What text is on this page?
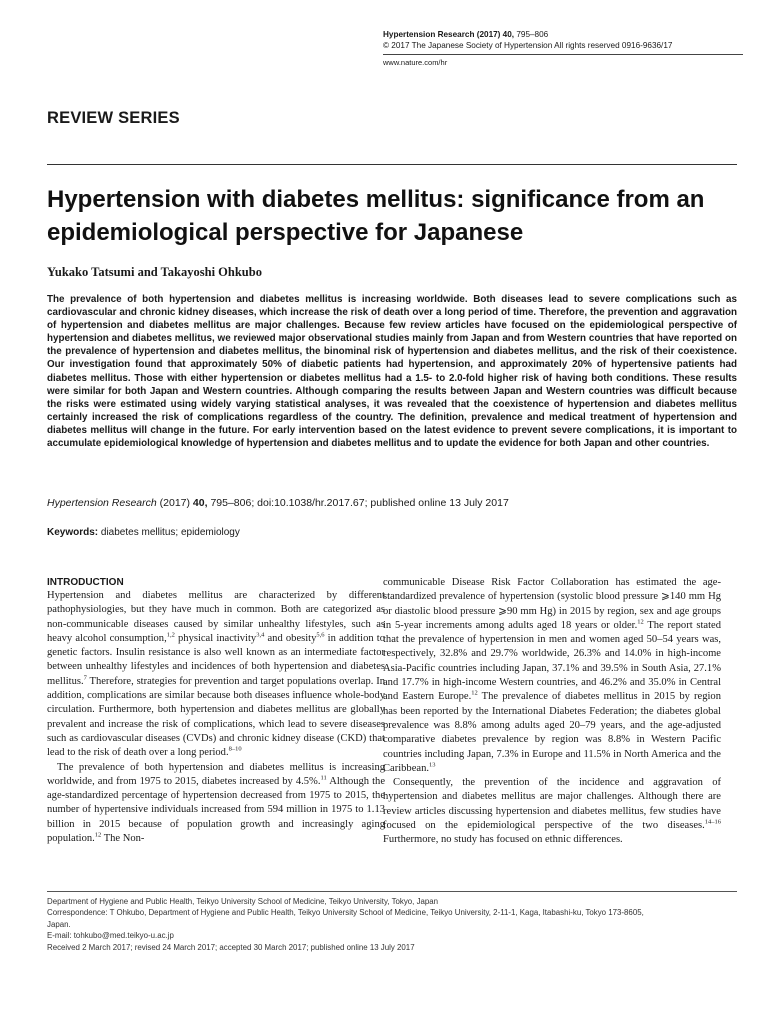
Hypertension Research (2017) 40, 795–806
© 2017 The Japanese Society of Hypertension All rights reserved 0916-9636/17
www.nature.com/hr
REVIEW SERIES
Hypertension with diabetes mellitus: significance from an epidemiological perspective for Japanese
Yukako Tatsumi and Takayoshi Ohkubo
The prevalence of both hypertension and diabetes mellitus is increasing worldwide. Both diseases lead to severe complications such as cardiovascular and chronic kidney diseases, which increase the risk of death over a long period of time. Therefore, the prevention and aggravation of hypertension and diabetes mellitus are major challenges. Because few review articles have focused on the epidemiological perspective of hypertension and diabetes mellitus, we reviewed major observational studies mainly from Japan and from Western countries that have reported on the prevalence of hypertension and diabetes mellitus, the binominal risk of hypertension and diabetes mellitus, and the risk of their coexistence. Our investigation found that approximately 50% of diabetic patients had hypertension, and approximately 20% of hypertensive patients had diabetes mellitus. Those with either hypertension or diabetes mellitus had a 1.5- to 2.0-fold higher risk of having both conditions. These results were similar for both Japan and Western countries. Although comparing the results between Japan and Western countries was difficult because the risks were estimated using widely varying statistical analyses, it was revealed that the coexistence of hypertension and diabetes mellitus certainly increased the risk of complications regardless of the country. The definition, prevalence and medical treatment of hypertension and diabetes mellitus will change in the future. For early intervention based on the latest evidence to prevent severe complications, it is important to accumulate epidemiological knowledge of hypertension and diabetes mellitus and to update the evidence for both Japan and other countries.
Hypertension Research (2017) 40, 795–806; doi:10.1038/hr.2017.67; published online 13 July 2017
Keywords: diabetes mellitus; epidemiology
INTRODUCTION

Hypertension and diabetes mellitus are characterized by different pathophysiologies, but they have much in common. Both are categorized as non-communicable diseases caused by similar unhealthy lifestyles, such as heavy alcohol consumption,$^{1,2}$ physical inactivity$^{3,4}$ and obesity$^{5,6}$ in addition to genetic factors. Insulin resistance is also well known as an intermediate factor between unhealthy lifestyles and incidences of both hypertension and diabetes mellitus.$^7$ Therefore, strategies for prevention and target populations overlap. In addition, complications are similar because both diseases influence whole-body circulation. Furthermore, both hypertension and diabetes mellitus are globally prevalent and increase the risk of complications, which lead to severe diseases such as cardiovascular diseases (CVDs) and chronic kidney disease (CKD) that lead to the risk of death over a long period.$^{8-10}$

The prevalence of both hypertension and diabetes mellitus is increasing worldwide, and from 1975 to 2015, diabetes increased by 4.5%.$^{11}$ Although the age-standardized percentage of hypertension decreased from 1975 to 2015, the number of hypertensive individuals increased from 594 million in 1975 to 1.13 billion in 2015 because of population growth and increasingly aging population.$^{12}$ The Non-

communicable Disease Risk Factor Collaboration has estimated the age-standardized prevalence of hypertension (systolic blood pressure ⩾140 mm Hg or diastolic blood pressure ⩾90 mm Hg) in 2015 by region, sex and age groups in 5-year increments among adults aged 18 years or older.$^{12}$ The report stated that the prevalence of hypertension in men and women aged 50–54 years was, respectively, 32.8% and 29.7% worldwide, 26.3% and 14.0% in high-income Asia-Pacific countries including Japan, 37.1% and 39.5% in South Asia, 27.1% and 17.7% in high-income Western countries, and 46.2% and 35.0% in Central and Eastern Europe.$^{12}$ The prevalence of diabetes mellitus in 2015 by region has been reported by the International Diabetes Federation; the diabetes global prevalence was 8.8% among adults aged 20–79 years, and the age-adjusted comparative diabetes prevalence by region was 8.8% in Western Pacific countries including Japan, 7.3% in Europe and 11.5% in North America and the Caribbean.$^{13}$

Consequently, the prevention of the incidence and aggravation of hypertension and diabetes mellitus are major challenges. Although there are review articles discussing hypertension and diabetes mellitus, few studies have focused on the epidemiological perspective of the two diseases.$^{14-16}$ Furthermore, no study has focused on ethnic differences.

Department of Hygiene and Public Health, Teikyo University School of Medicine, Teikyo University, Tokyo, Japan
Correspondence: T Ohkubo, Department of Hygiene and Public Health, Teikyo University School of Medicine, Teikyo University, 2-11-1, Kaga, Itabashi-ku, Tokyo 173-8605,
Japan.
E-mail: tohkubo@med.teikyo-u.ac.jp
Received 2 March 2017; revised 24 March 2017; accepted 30 March 2017; published online 13 July 2017
